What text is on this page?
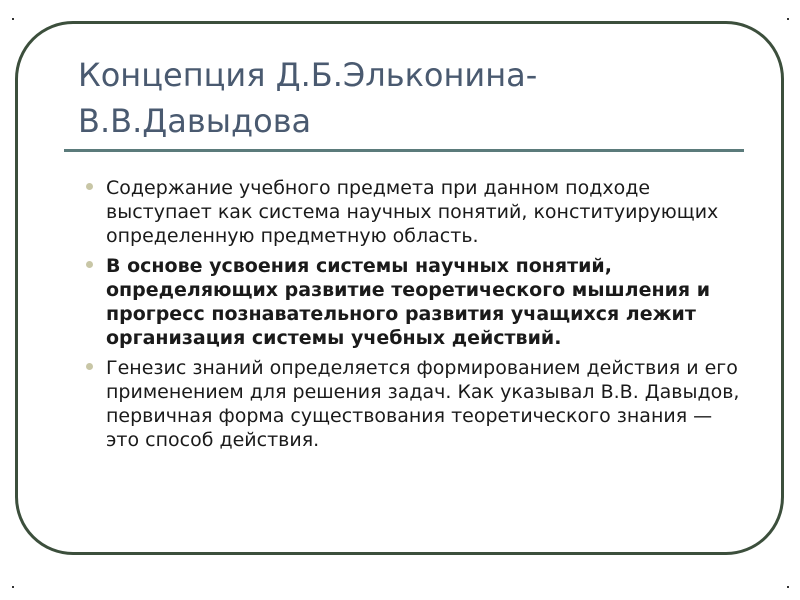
Концепция Д.Б.Эльконина-
В.В.Давыдова
Содержание учебного предмета при данном подходе выступает как система научных понятий, конституирующих определенную предметную область.
В основе усвоения системы научных понятий, определяющих развитие теоретического мышления и прогресс познавательного развития учащихся лежит организация системы учебных действий.
Генезис знаний определяется формированием действия и его применением для решения задач. Как указывал В.В. Давыдов, первичная форма существования теоретического знания — это способ действия.
